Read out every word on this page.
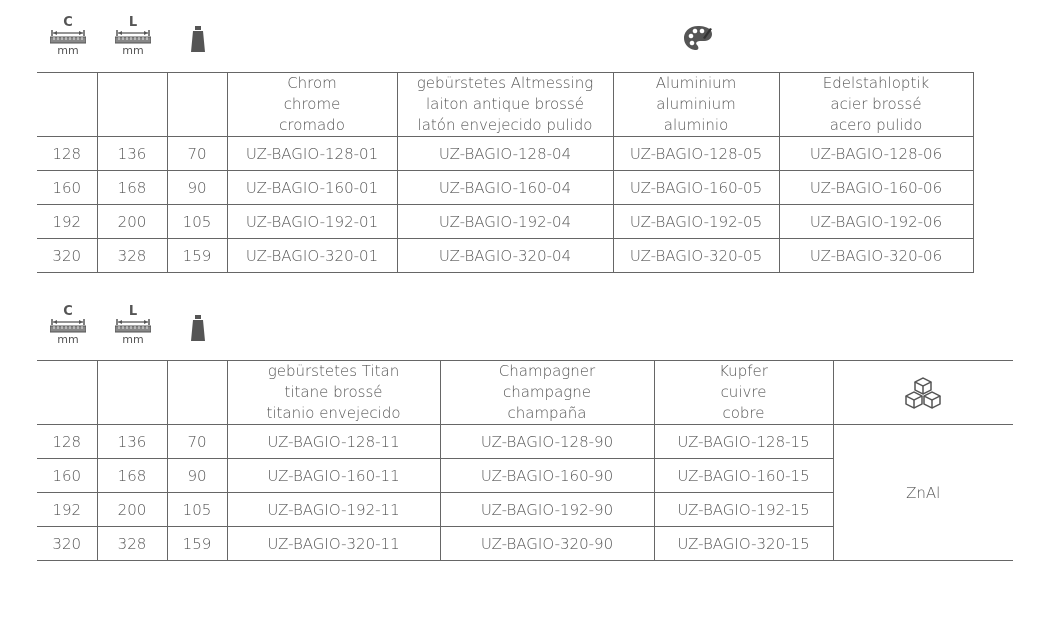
C
mm
L
mm

			Chrom
chrome
cromado	gebürstetes Altmessing
laiton antique brossé
latón envejecido pulido	Aluminium
aluminium
aluminio	Edelstahloptik
acier brossé
acero pulido

128	136	70	UZ-BAGIO-128-01	UZ-BAGIO-128-04	UZ-BAGIO-128-05	UZ-BAGIO-128-06
160	168	90	UZ-BAGIO-160-01	UZ-BAGIO-160-04	UZ-BAGIO-160-05	UZ-BAGIO-160-06
192	200	105	UZ-BAGIO-192-01	UZ-BAGIO-192-04	UZ-BAGIO-192-05	UZ-BAGIO-192-06
320	328	159	UZ-BAGIO-320-01	UZ-BAGIO-320-04	UZ-BAGIO-320-05	UZ-BAGIO-320-06
C
mm
L
mm

			gebürstetes Titan
titane brossé
titanio envejecido	Champagner
champagne
champaña	Kupfer
cuivre
cobre

128	136	70	UZ-BAGIO-128-11	UZ-BAGIO-128-90	UZ-BAGIO-128-15	ZnAl
160	168	90	UZ-BAGIO-160-11	UZ-BAGIO-160-90	UZ-BAGIO-160-15	
192	200	105	UZ-BAGIO-192-11	UZ-BAGIO-192-90	UZ-BAGIO-192-15	
320	328	159	UZ-BAGIO-320-11	UZ-BAGIO-320-90	UZ-BAGIO-320-15	
